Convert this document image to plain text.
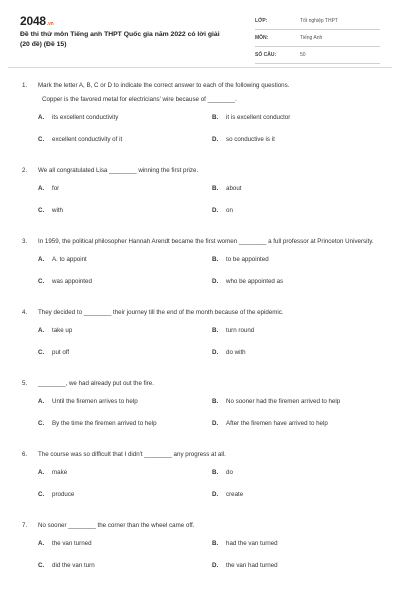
2048.vn
Đề thi thử môn Tiếng anh THPT Quốc gia năm 2022 có lời giải (20 đề) (Đề 15)
LỚP:	Tốt nghiệp THPT
MÔN:	Tiếng Anh
SỐ CÂU:	50
1. Mark the letter A, B, C or D to indicate the correct answer to each of the following questions.
Copper is the favored metal for electricians' wire because of ________.
A. its excellent conductivity	B. it is excellent conductor
C. excellent conductivity of it	D. so conductive is it
2. We all congratulated Lisa ________ winning the first prize.
A. for	B. about
C. with	D. on
3. In 1959, the political philosopher Hannah Arendt became the first women ________ a full professor at Princeton University.
A. A. to appoint	B. to be appointed
C. was appointed	D. who be appointed as
4. They decided to ________ their journey till the end of the month because of the epidemic.
A. take up	B. turn round
C. put off	D. do with
5. ________, we had already put out the fire.
A. Until the firemen arrives to help	B. No sooner had the firemen arrived to help
C. By the time the firemen arrived to help	D. After the firemen have arrived to help
6. The course was so difficult that I didn't ________ any progress at all.
A. make	B. do
C. produce	D. create
7. No sooner ________ the corner than the wheel came off.
A. the van turned	B. had the van turned
C. did the van turn	D. the van had turned
